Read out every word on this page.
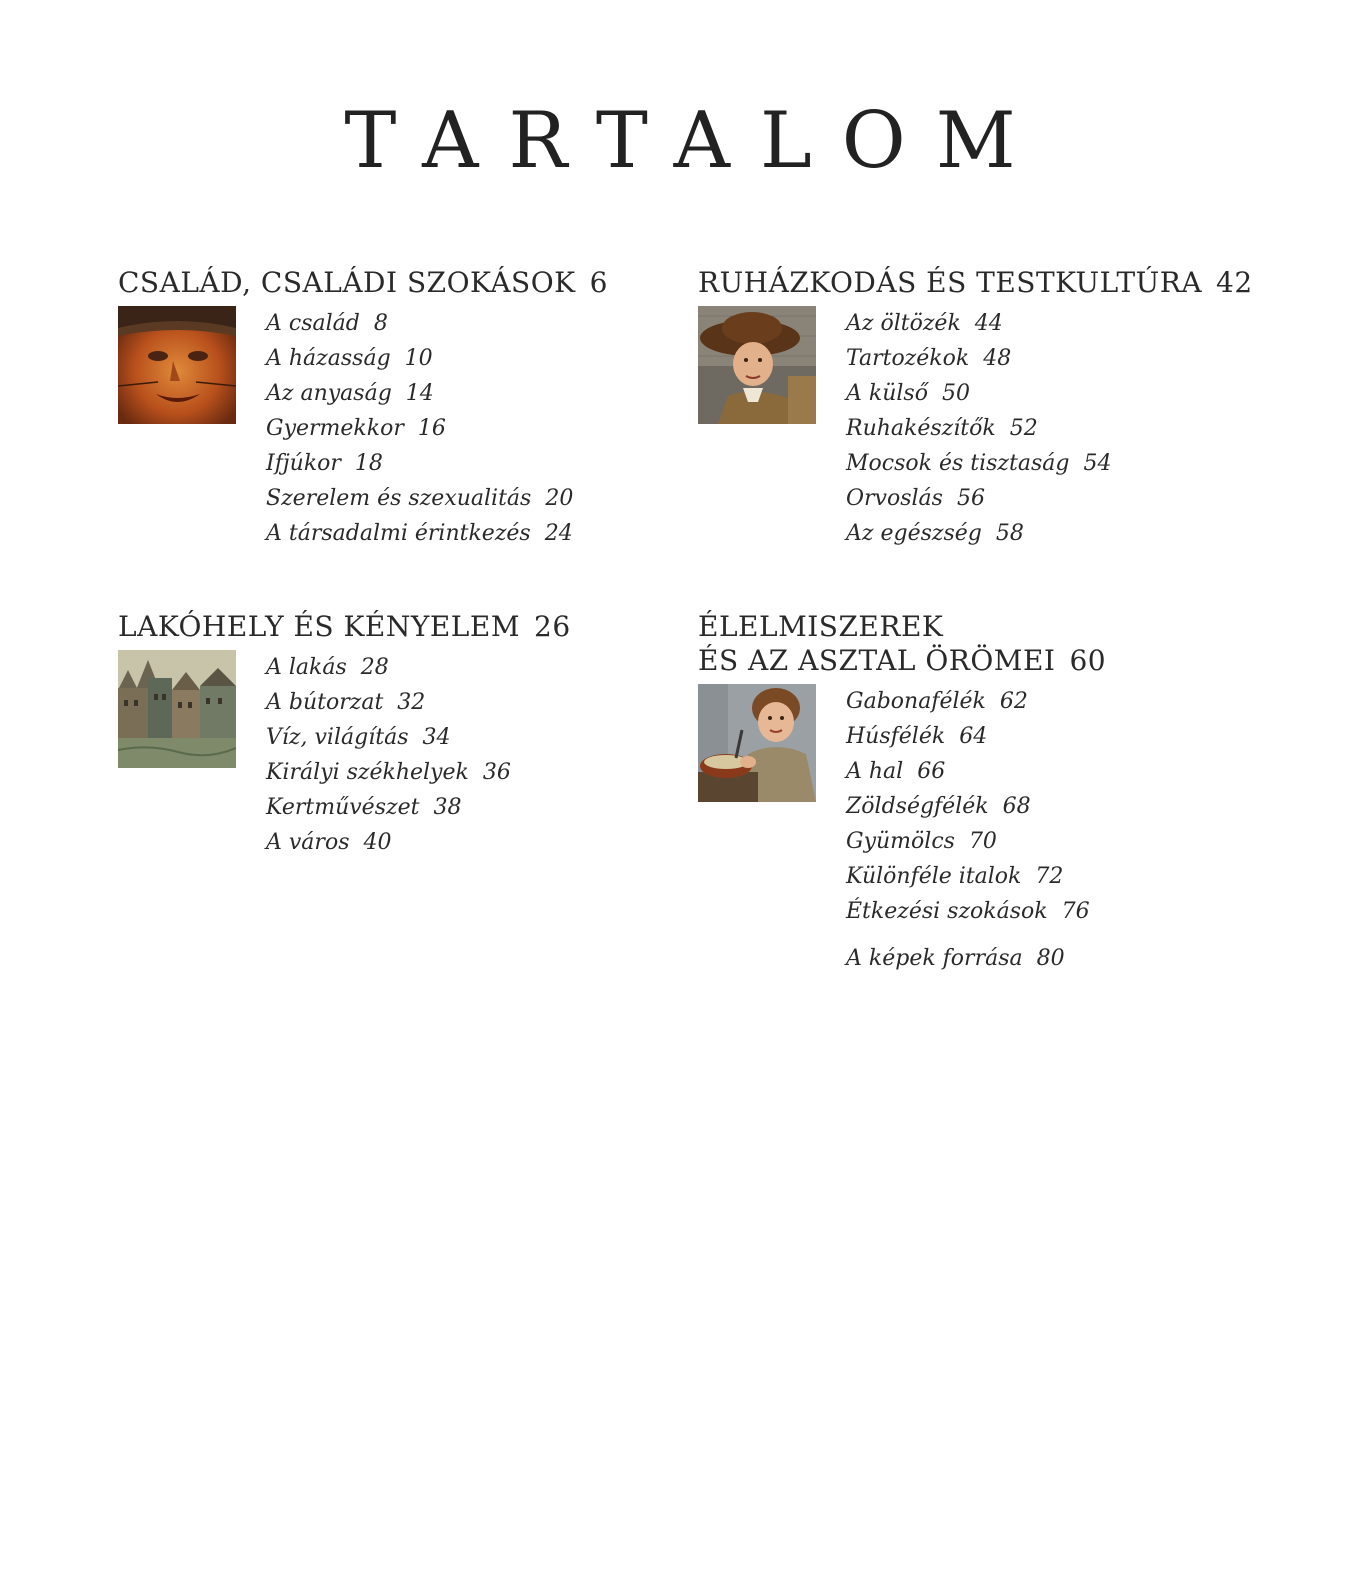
TARTALOM
CSALÁD, CSALÁDI SZOKÁSOK 6
A család 8
A házasság 10
Az anyaság 14
Gyermekkor 16
Ifjúkor 18
Szerelem és szexualitás 20
A társadalmi érintkezés 24
RUHÁZKODÁS ÉS TESTKULTÚRA 42
Az öltözék 44
Tartozékok 48
A külső 50
Ruhakészítők 52
Mocsok és tisztaság 54
Orvoslás 56
Az egészség 58
LAKÓHELY ÉS KÉNYELEM 26
A lakás 28
A bútorzat 32
Víz, világítás 34
Királyi székhelyek 36
Kertművészet 38
A város 40
ÉLELMISZEREK
ÉS AZ ASZTAL ÖRÖMEI 60
Gabonafélék 62
Húsfélék 64
A hal 66
Zöldségfélék 68
Gyümölcs 70
Különféle italok 72
Étkezési szokások 76
A képek forrása 80
